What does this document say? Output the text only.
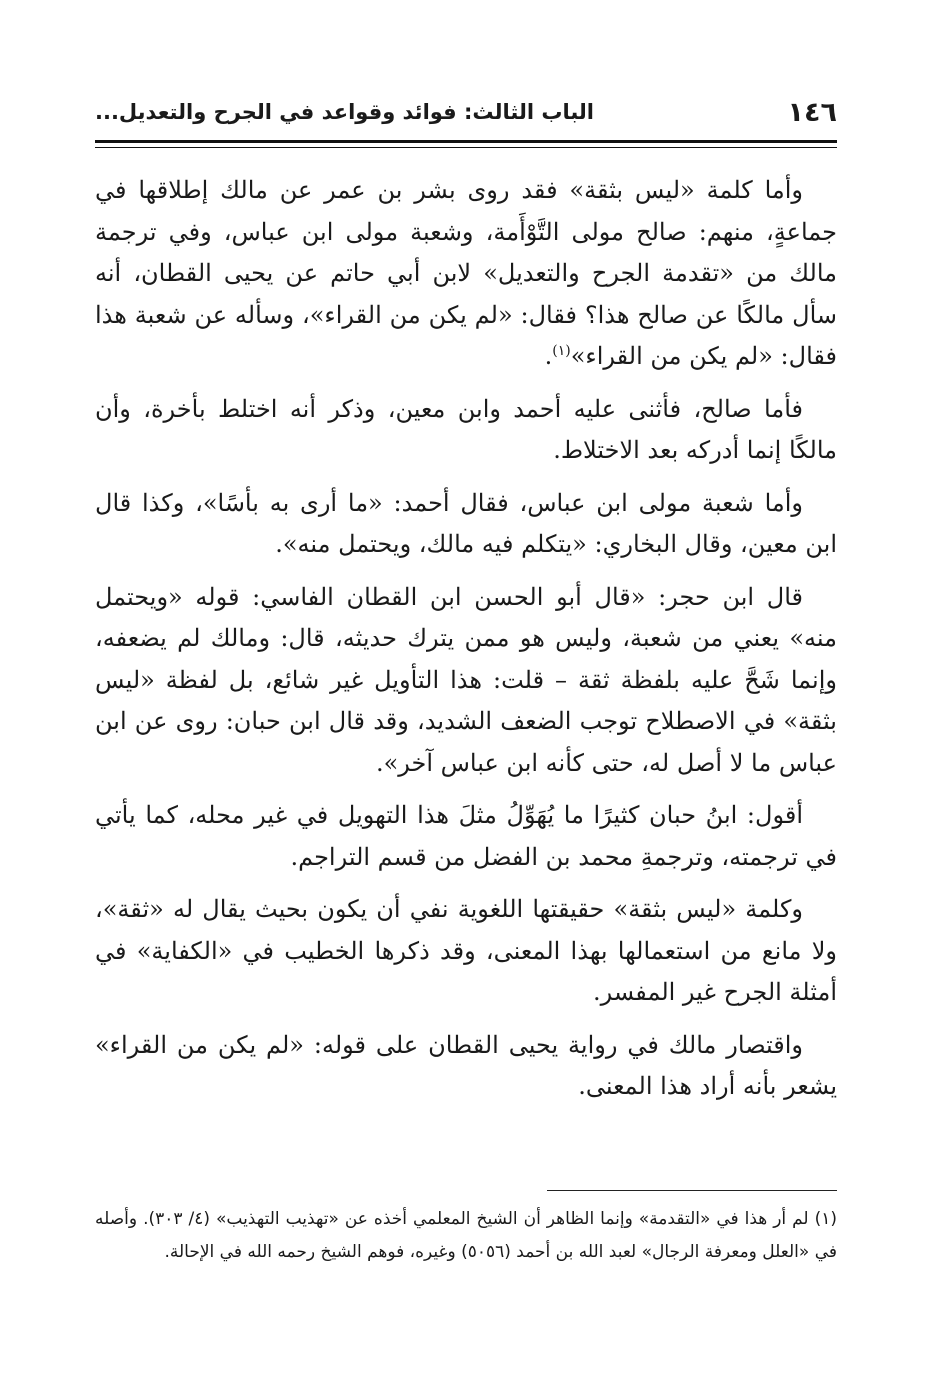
١٤٦
الباب الثالث: فوائد وقواعد في الجرح والتعديل...

وأما كلمة «ليس بثقة» فقد روى بشر بن عمر عن مالك إطلاقها في جماعةٍ، منهم: صالح مولى التَّوْأَمة، وشعبة مولى ابن عباس، وفي ترجمة مالك من «تقدمة الجرح والتعديل» لابن أبي حاتم عن يحيى القطان، أنه سأل مالكًا عن صالح هذا؟ فقال: «لم يكن من القراء»، وسأله عن شعبة هذا فقال: «لم يكن من القراء»$^{(١)}$.

فأما صالح، فأثنى عليه أحمد وابن معين، وذكر أنه اختلط بأخرة، وأن مالكًا إنما أدركه بعد الاختلاط.

وأما شعبة مولى ابن عباس، فقال أحمد: «ما أرى به بأسًا»، وكذا قال ابن معين، وقال البخاري: «يتكلم فيه مالك، ويحتمل منه».

قال ابن حجر: «قال أبو الحسن ابن القطان الفاسي: قوله «ويحتمل منه» يعني من شعبة، وليس هو ممن يترك حديثه، قال: ومالك لم يضعفه، وإنما شَحَّ عليه بلفظة ثقة – قلت: هذا التأويل غير شائع، بل لفظة «ليس بثقة» في الاصطلاح توجب الضعف الشديد، وقد قال ابن حبان: روى عن ابن عباس ما لا أصل له، حتى كأنه ابن عباس آخر».

أقول: ابنُ حبان كثيرًا ما يُهَوِّلُ مثلَ هذا التهويل في غير محله، كما يأتي في ترجمته، وترجمةِ محمد بن الفضل من قسم التراجم.

وكلمة «ليس بثقة» حقيقتها اللغوية نفي أن يكون بحيث يقال له «ثقة»، ولا مانع من استعمالها بهذا المعنى، وقد ذكرها الخطيب في «الكفاية» في أمثلة الجرح غير المفسر.

واقتصار مالك في رواية يحيى القطان على قوله: «لم يكن من القراء» يشعر بأنه أراد هذا المعنى.

(١) لم أر هذا في «التقدمة» وإنما الظاهر أن الشيخ المعلمي أخذه عن «تهذيب التهذيب» (٤/ ٣٠٣). وأصله في «العلل ومعرفة الرجال» لعبد الله بن أحمد (٥٠٥٦) وغيره، فوهم الشيخ رحمه الله في الإحالة.
